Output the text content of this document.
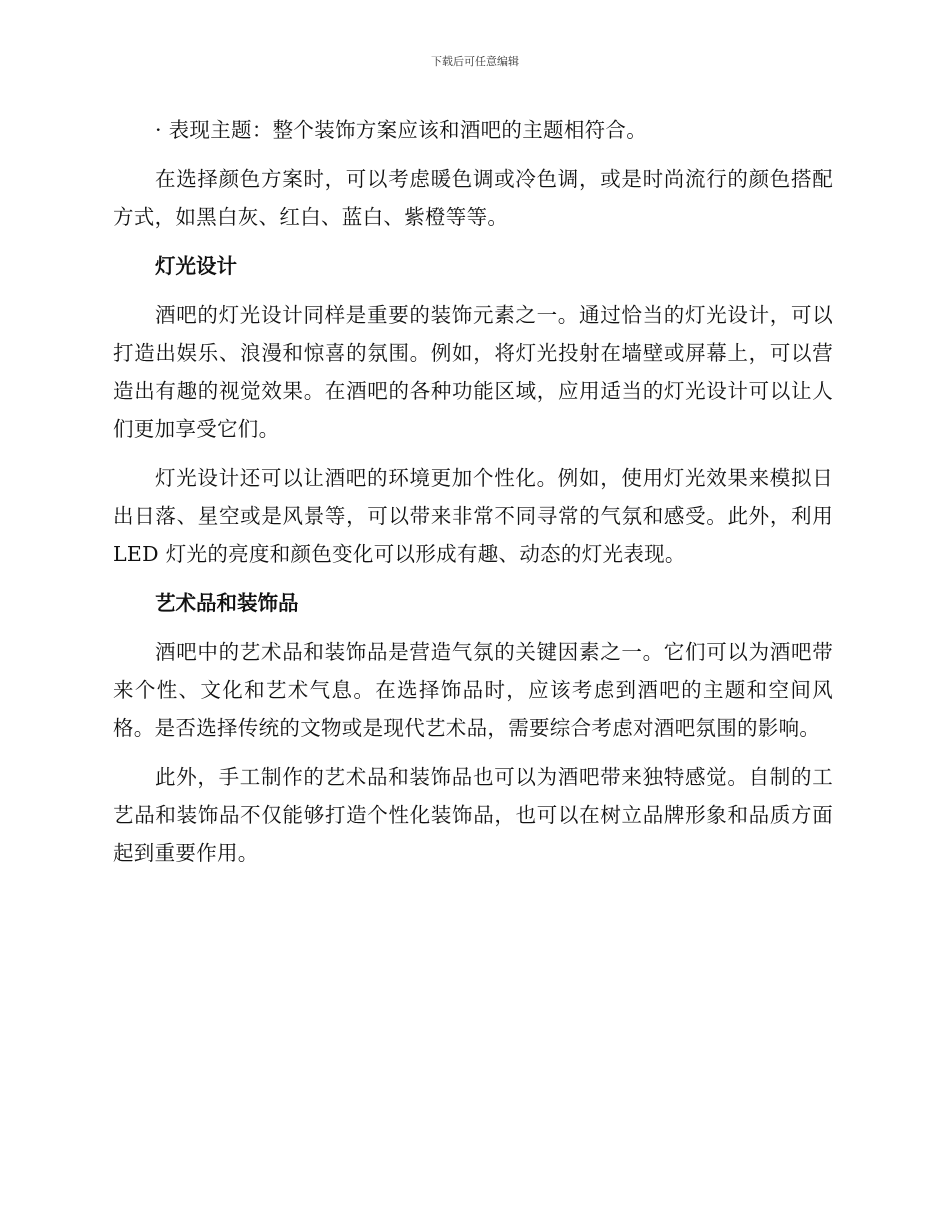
下载后可任意编辑

· 表现主题：整个装饰方案应该和酒吧的主题相符合。

在选择颜色方案时，可以考虑暖色调或冷色调，或是时尚流行的颜色搭配方式，如黑白灰、红白、蓝白、紫橙等等。

灯光设计

酒吧的灯光设计同样是重要的装饰元素之一。通过恰当的灯光设计，可以打造出娱乐、浪漫和惊喜的氛围。例如，将灯光投射在墙壁或屏幕上，可以营造出有趣的视觉效果。在酒吧的各种功能区域，应用适当的灯光设计可以让人们更加享受它们。

灯光设计还可以让酒吧的环境更加个性化。例如，使用灯光效果来模拟日出日落、星空或是风景等，可以带来非常不同寻常的气氛和感受。此外，利用 LED 灯光的亮度和颜色变化可以形成有趣、动态的灯光表现。

艺术品和装饰品

酒吧中的艺术品和装饰品是营造气氛的关键因素之一。它们可以为酒吧带来个性、文化和艺术气息。在选择饰品时，应该考虑到酒吧的主题和空间风格。是否选择传统的文物或是现代艺术品，需要综合考虑对酒吧氛围的影响。

此外，手工制作的艺术品和装饰品也可以为酒吧带来独特感觉。自制的工艺品和装饰品不仅能够打造个性化装饰品，也可以在树立品牌形象和品质方面起到重要作用。
